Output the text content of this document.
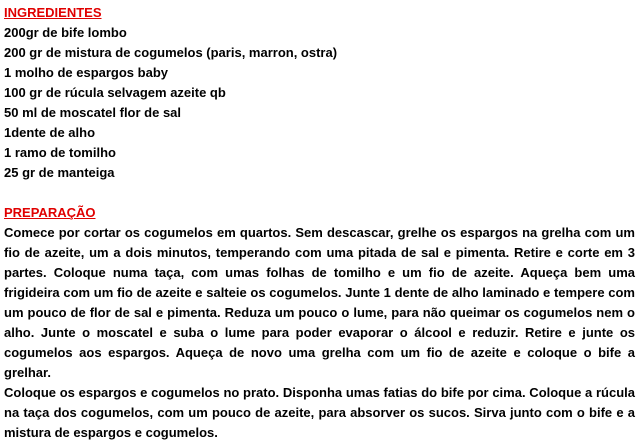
INGREDIENTES
200gr de bife lombo
200 gr de mistura de cogumelos (paris, marron, ostra)
1 molho de espargos baby
100 gr de rúcula selvagem azeite qb
50 ml de moscatel flor de sal
1dente de alho
1 ramo de tomilho
25 gr de manteiga
PREPARAÇÃO

Comece por cortar os cogumelos em quartos. Sem descascar, grelhe os espargos na grelha com um fio de azeite, um a dois minutos, temperando com uma pitada de sal e pimenta. Retire e corte em 3 partes. Coloque numa taça, com umas folhas de tomilho e um fio de azeite. Aqueça bem uma frigideira com um fio de azeite e salteie os cogumelos. Junte 1 dente de alho laminado e tempere com um pouco de flor de sal e pimenta. Reduza um pouco o lume, para não queimar os cogumelos nem o alho. Junte o moscatel e suba o lume para poder evaporar o álcool e reduzir. Retire e junte os cogumelos aos espargos. Aqueça de novo uma grelha com um fio de azeite e coloque o bife a grelhar.

Coloque os espargos e cogumelos no prato. Disponha umas fatias do bife por cima. Coloque a rúcula na taça dos cogumelos, com um pouco de azeite, para absorver os sucos. Sirva junto com o bife e a mistura de espargos e cogumelos.
